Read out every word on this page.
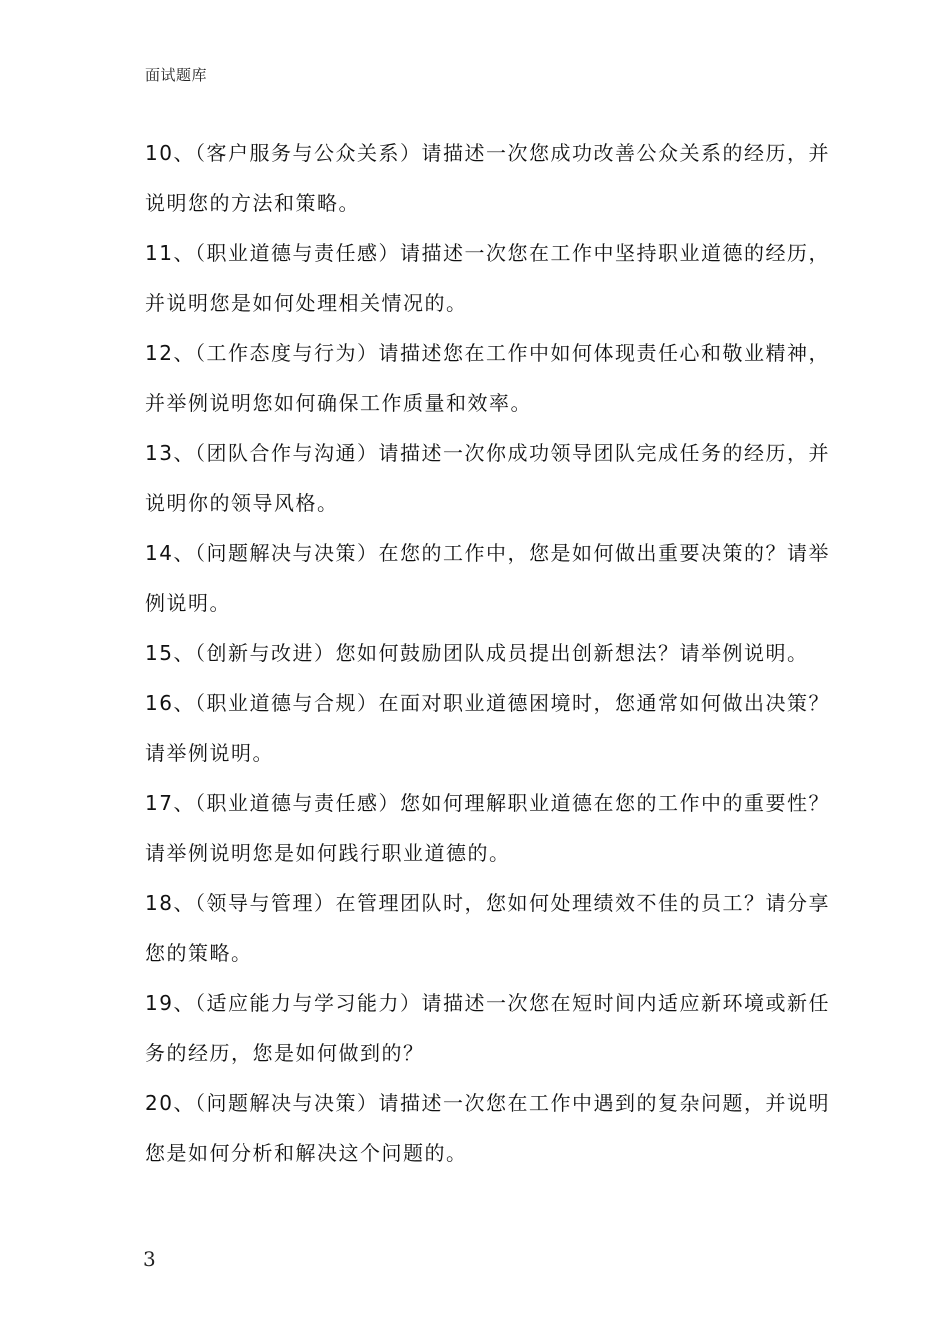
面试题库

10、（客户服务与公众关系）请描述一次您成功改善公众关系的经历，并说明您的方法和策略。

11、（职业道德与责任感）请描述一次您在工作中坚持职业道德的经历，并说明您是如何处理相关情况的。

12、（工作态度与行为）请描述您在工作中如何体现责任心和敬业精神，并举例说明您如何确保工作质量和效率。

13、（团队合作与沟通）请描述一次你成功领导团队完成任务的经历，并说明你的领导风格。

14、（问题解决与决策）在您的工作中，您是如何做出重要决策的？请举例说明。

15、（创新与改进）您如何鼓励团队成员提出创新想法？请举例说明。

16、（职业道德与合规）在面对职业道德困境时，您通常如何做出决策？请举例说明。

17、（职业道德与责任感）您如何理解职业道德在您的工作中的重要性？请举例说明您是如何践行职业道德的。

18、（领导与管理）在管理团队时，您如何处理绩效不佳的员工？请分享您的策略。

19、（适应能力与学习能力）请描述一次您在短时间内适应新环境或新任务的经历，您是如何做到的？

20、（问题解决与决策）请描述一次您在工作中遇到的复杂问题，并说明您是如何分析和解决这个问题的。

3
